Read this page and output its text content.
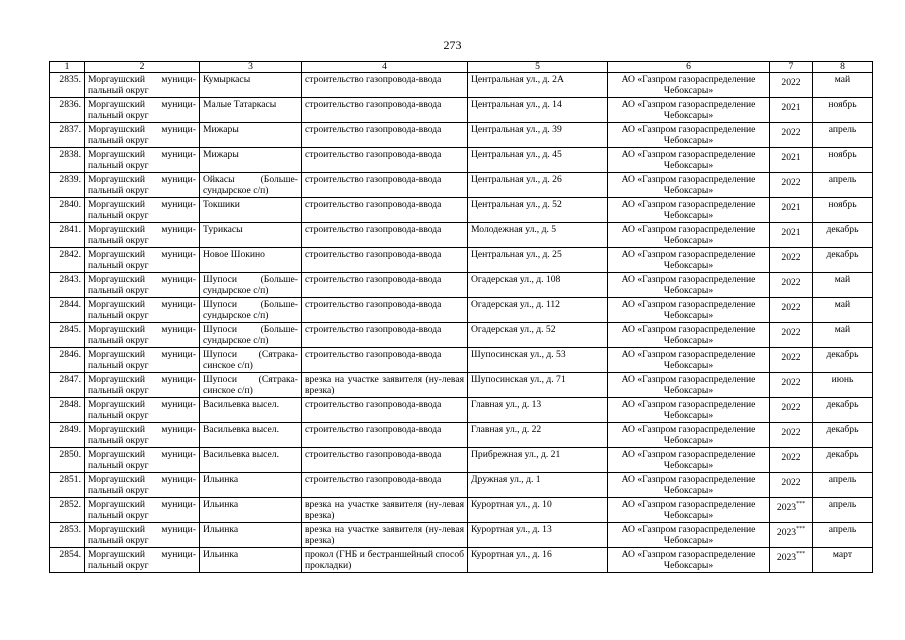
273
1	2	3	4	5	6	7	8
2835.	Моргаушский муници-пальный округ	Кумыркасы	строительство газопровода-ввода	Центральная ул., д. 2А	АО «Газпром газораспределение Чебоксары»	2022	май
2836.	Моргаушский муници-пальный округ	Малые Татаркасы	строительство газопровода-ввода	Центральная ул., д. 14	АО «Газпром газораспределение Чебоксары»	2021	ноябрь
2837.	Моргаушский муници-пальный округ	Мижары	строительство газопровода-ввода	Центральная ул., д. 39	АО «Газпром газораспределение Чебоксары»	2022	апрель
2838.	Моргаушский муници-пальный округ	Мижары	строительство газопровода-ввода	Центральная ул., д. 45	АО «Газпром газораспределение Чебоксары»	2021	ноябрь
2839.	Моргаушский муници-пальный округ	Ойкасы (Больше-сундырское с/п)	строительство газопровода-ввода	Центральная ул., д. 26	АО «Газпром газораспределение Чебоксары»	2022	апрель
2840.	Моргаушский муници-пальный округ	Токшики	строительство газопровода-ввода	Центральная ул., д. 52	АО «Газпром газораспределение Чебоксары»	2021	ноябрь
2841.	Моргаушский муници-пальный округ	Турикасы	строительство газопровода-ввода	Молодежная ул., д. 5	АО «Газпром газораспределение Чебоксары»	2021	декабрь
2842.	Моргаушский муници-пальный округ	Новое Шокино	строительство газопровода-ввода	Центральная ул., д. 25	АО «Газпром газораспределение Чебоксары»	2022	декабрь
2843.	Моргаушский муници-пальный округ	Шупоси (Больше-сундырское с/п)	строительство газопровода-ввода	Огадерская ул., д. 108	АО «Газпром газораспределение Чебоксары»	2022	май
2844.	Моргаушский муници-пальный округ	Шупоси (Больше-сундырское с/п)	строительство газопровода-ввода	Огадерская ул., д. 112	АО «Газпром газораспределение Чебоксары»	2022	май
2845.	Моргаушский муници-пальный округ	Шупоси (Больше-сундырское с/п)	строительство газопровода-ввода	Огадерская ул., д. 52	АО «Газпром газораспределение Чебоксары»	2022	май
2846.	Моргаушский муници-пальный округ	Шупоси (Сятрака-синское с/п)	строительство газопровода-ввода	Шупосинская ул., д. 53	АО «Газпром газораспределение Чебоксары»	2022	декабрь
2847.	Моргаушский муници-пальный округ	Шупоси (Сятрака-синское с/п)	врезка на участке заявителя (ну-левая врезка)	Шупосинская ул., д. 71	АО «Газпром газораспределение Чебоксары»	2022	июнь
2848.	Моргаушский муници-пальный округ	Васильевка высел.	строительство газопровода-ввода	Главная ул., д. 13	АО «Газпром газораспределение Чебоксары»	2022	декабрь
2849.	Моргаушский муници-пальный округ	Васильевка высел.	строительство газопровода-ввода	Главная ул., д. 22	АО «Газпром газораспределение Чебоксары»	2022	декабрь
2850.	Моргаушский муници-пальный округ	Васильевка высел.	строительство газопровода-ввода	Прибрежная ул., д. 21	АО «Газпром газораспределение Чебоксары»	2022	декабрь
2851.	Моргаушский муници-пальный округ	Ильинка	строительство газопровода-ввода	Дружная ул., д. 1	АО «Газпром газораспределение Чебоксары»	2022	апрель
2852.	Моргаушский муници-пальный округ	Ильинка	врезка на участке заявителя (ну-левая врезка)	Курортная ул., д. 10	АО «Газпром газораспределение Чебоксары»	2023***	апрель
2853.	Моргаушский муници-пальный округ	Ильинка	врезка на участке заявителя (ну-левая врезка)	Курортная ул., д. 13	АО «Газпром газораспределение Чебоксары»	2023***	апрель
2854.	Моргаушский муници-пальный округ	Ильинка	прокол (ГНБ и бестраншейный способ прокладки)	Курортная ул., д. 16	АО «Газпром газораспределение Чебоксары»	2023***	март
